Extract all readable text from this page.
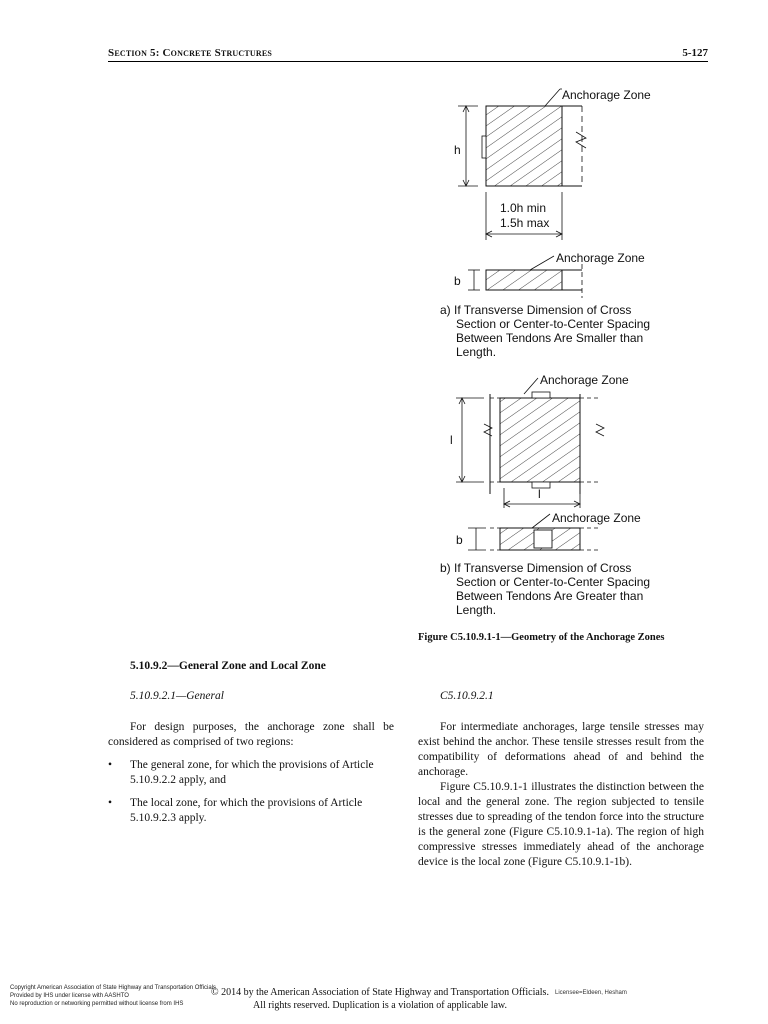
Section 5: Concrete Structures	5-127
h
Anchorage Zone
1.0h min
1.5h max
b
Anchorage Zone
a) If Transverse Dimension of Cross
Section or Center-to-Center Spacing
Between Tendons Are Smaller than
Length.
l
l
Anchorage Zone
b
Anchorage Zone
b) If Transverse Dimension of Cross
Section or Center-to-Center Spacing
Between Tendons Are Greater than
Length.
Figure C5.10.9.1-1—Geometry of the Anchorage Zones
5.10.9.2—General Zone and Local Zone
5.10.9.2.1—General	C5.10.9.2.1

For design purposes, the anchorage zone shall be considered as comprised of two regions:

• The general zone, for which the provisions of Article 5.10.9.2.2 apply, and
• The local zone, for which the provisions of Article 5.10.9.2.3 apply.

For intermediate anchorages, large tensile stresses may exist behind the anchor. These tensile stresses result from the compatibility of deformations ahead of and behind the anchorage.

Figure C5.10.9.1-1 illustrates the distinction between the local and the general zone. The region subjected to tensile stresses due to spreading of the tendon force into the structure is the general zone (Figure C5.10.9.1-1a). The region of high compressive stresses immediately ahead of the anchorage device is the local zone (Figure C5.10.9.1-1b).

Copyright American Association of State Highway and Transportation Officials
Provided by IHS under license with AASHTO
No reproduction or networking permitted without license from IHS
© 2014 by the American Association of State Highway and Transportation Officials.
All rights reserved. Duplication is a violation of applicable law.
Licensee=Eldeen, Hesham
